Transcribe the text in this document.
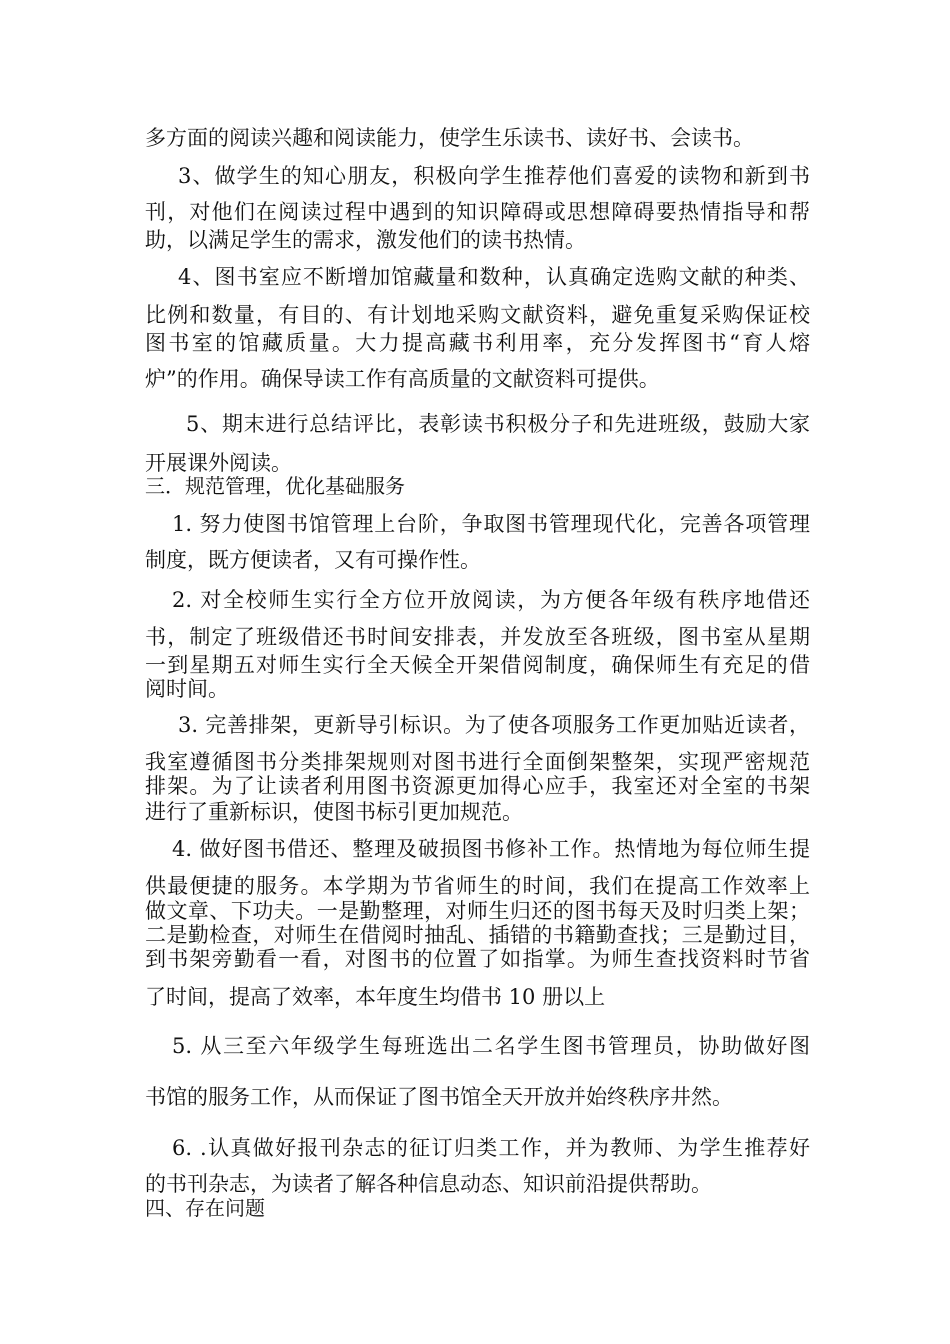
多方面的阅读兴趣和阅读能力，使学生乐读书、读好书、会读书。

3、做学生的知心朋友，积极向学生推荐他们喜爱的读物和新到书

刊，对他们在阅读过程中遇到的知识障碍或思想障碍要热情指导和帮

助，以满足学生的需求，激发他们的读书热情。

4、图书室应不断增加馆藏量和数种，认真确定选购文献的种类、

比例和数量，有目的、有计划地采购文献资料，避免重复采购保证校

图书室的馆藏质量。大力提高藏书利用率，充分发挥图书“育人熔

炉”的作用。确保导读工作有高质量的文献资料可提供。

5、期末进行总结评比，表彰读书积极分子和先进班级，鼓励大家

开展课外阅读。

三．规范管理，优化基础服务

1. 努力使图书馆管理上台阶，争取图书管理现代化，完善各项管理

制度，既方便读者，又有可操作性。

2. 对全校师生实行全方位开放阅读，为方便各年级有秩序地借还

书，制定了班级借还书时间安排表，并发放至各班级，图书室从星期

一到星期五对师生实行全天候全开架借阅制度，确保师生有充足的借

阅时间。

3. 完善排架，更新导引标识。为了使各项服务工作更加贴近读者，

我室遵循图书分类排架规则对图书进行全面倒架整架，实现严密规范

排架。为了让读者利用图书资源更加得心应手，我室还对全室的书架

进行了重新标识，使图书标引更加规范。

4. 做好图书借还、整理及破损图书修补工作。热情地为每位师生提

供最便捷的服务。本学期为节省师生的时间，我们在提高工作效率上

做文章、下功夫。一是勤整理，对师生归还的图书每天及时归类上架；

二是勤检查，对师生在借阅时抽乱、插错的书籍勤查找；三是勤过目，

到书架旁勤看一看，对图书的位置了如指掌。为师生查找资料时节省

了时间，提高了效率，本年度生均借书 10 册以上

5. 从三至六年级学生每班选出二名学生图书管理员，协助做好图

书馆的服务工作，从而保证了图书馆全天开放并始终秩序井然。

6. .认真做好报刊杂志的征订归类工作，并为教师、为学生推荐好

的书刊杂志，为读者了解各种信息动态、知识前沿提供帮助。

四、存在问题
